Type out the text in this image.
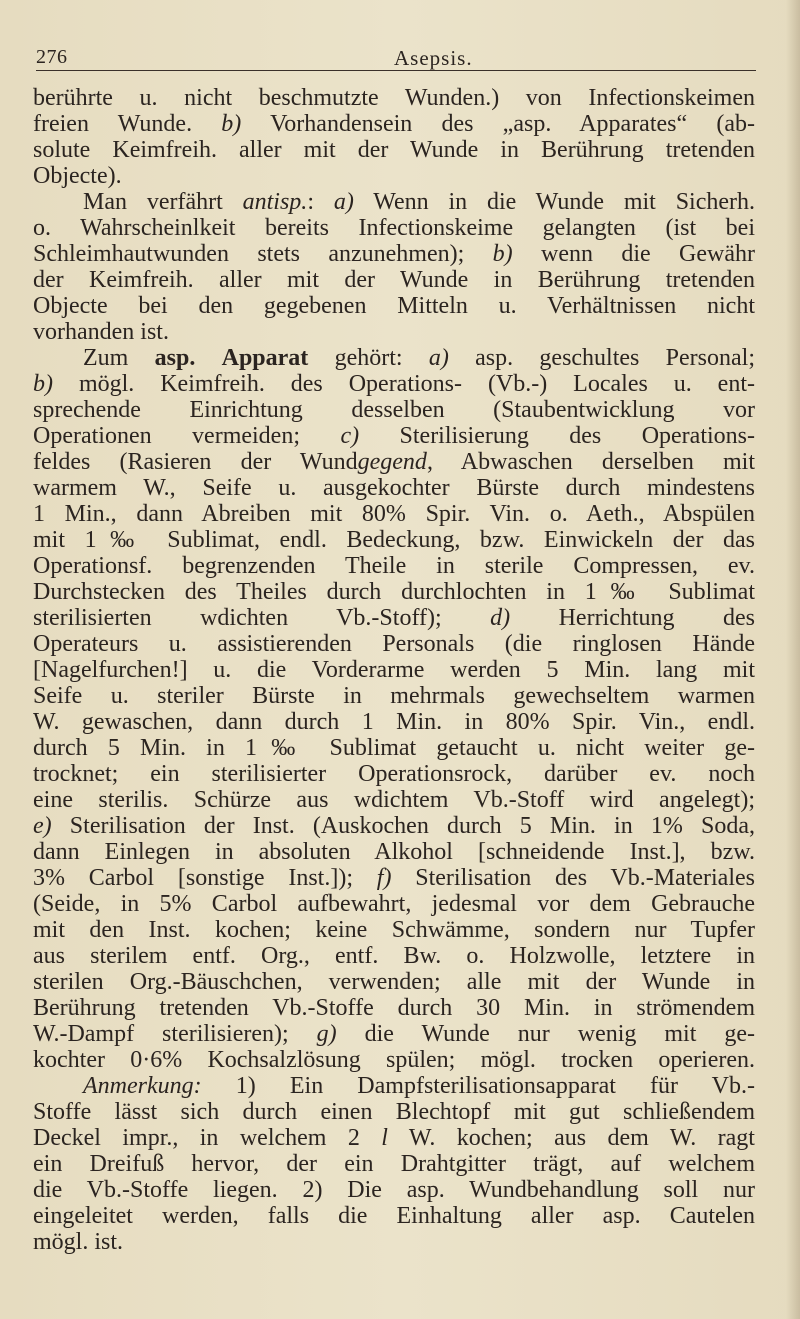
276	Asepsis.
berührte u. nicht beschmutzte Wunden.) von Infectionskeimen
freien Wunde. b) Vorhandensein des „asp. Apparates“ (ab-
solute Keimfreih. aller mit der Wunde in Berührung tretenden
Objecte).
Man verfährt antisp.: a) Wenn in die Wunde mit Sicherh.
o. Wahrscheinlkeit bereits Infectionskeime gelangten (ist bei
Schleimhautwunden stets anzunehmen); b) wenn die Gewähr
der Keimfreih. aller mit der Wunde in Berührung tretenden
Objecte bei den gegebenen Mitteln u. Verhältnissen nicht
vorhanden ist.
Zum asp. Apparat gehört: a) asp. geschultes Personal;
b) mögl. Keimfreih. des Operations- (Vb.-) Locales u. ent-
sprechende Einrichtung desselben (Staubentwicklung vor
Operationen vermeiden; c) Sterilisierung des Operations-
feldes (Rasieren der Wundgegend, Abwaschen derselben mit
warmem W., Seife u. ausgekochter Bürste durch mindestens
1 Min., dann Abreiben mit 80% Spir. Vin. o. Aeth., Abspülen
mit 1‰ Sublimat, endl. Bedeckung, bzw. Einwickeln der das
Operationsf. begrenzenden Theile in sterile Compressen, ev.
Durchstecken des Theiles durch durchlochten in 1‰ Sublimat
sterilisierten wdichten Vb.-Stoff); d) Herrichtung des
Operateurs u. assistierenden Personals (die ringlosen Hände
[Nagelfurchen!] u. die Vorderarme werden 5 Min. lang mit
Seife u. steriler Bürste in mehrmals gewechseltem warmen
W. gewaschen, dann durch 1 Min. in 80% Spir. Vin., endl.
durch 5 Min. in 1‰ Sublimat getaucht u. nicht weiter ge-
trocknet; ein sterilisierter Operationsrock, darüber ev. noch
eine sterilis. Schürze aus wdichtem Vb.-Stoff wird angelegt);
e) Sterilisation der Inst. (Auskochen durch 5 Min. in 1% Soda,
dann Einlegen in absoluten Alkohol [schneidende Inst.], bzw.
3% Carbol [sonstige Inst.]); f) Sterilisation des Vb.-Materiales
(Seide, in 5% Carbol aufbewahrt, jedesmal vor dem Gebrauche
mit den Inst. kochen; keine Schwämme, sondern nur Tupfer
aus sterilem entf. Org., entf. Bw. o. Holzwolle, letztere in
sterilen Org.-Bäuschchen, verwenden; alle mit der Wunde in
Berührung tretenden Vb.-Stoffe durch 30 Min. in strömendem
W.-Dampf sterilisieren); g) die Wunde nur wenig mit ge-
kochter 0·6% Kochsalzlösung spülen; mögl. trocken operieren.
Anmerkung: 1) Ein Dampfsterilisationsapparat für Vb.-
Stoffe lässt sich durch einen Blechtopf mit gut schließendem
Deckel impr., in welchem 2 l W. kochen; aus dem W. ragt
ein Dreifuß hervor, der ein Drahtgitter trägt, auf welchem
die Vb.-Stoffe liegen. 2) Die asp. Wundbehandlung soll nur
eingeleitet werden, falls die Einhaltung aller asp. Cautelen
mögl. ist.
